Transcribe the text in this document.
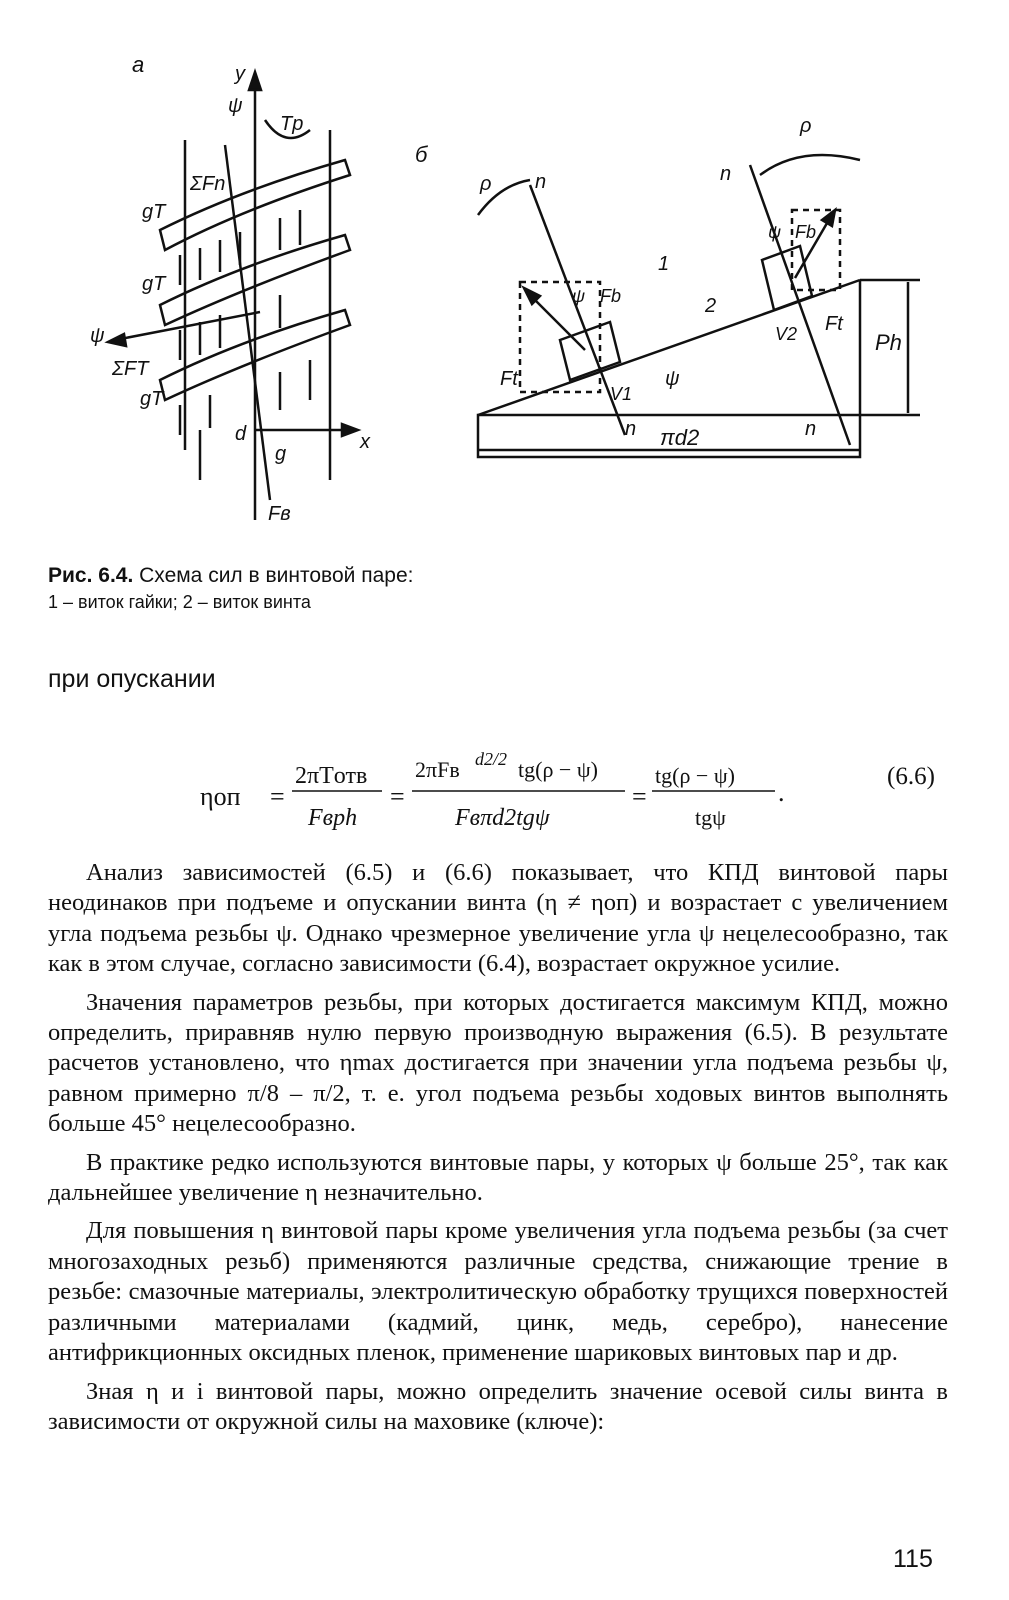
а
б
y
ψ
Tp
ΣFn
gT
gT
ψ
ΣFT
gT
d
g
x
Fв
ρ n
ρ
n
ψ Fb
ψ Fb
1
2
Ft
V1
ψ
n πd2	n
V2 Ft
Ph
Рис. 6.4. Схема сил в винтовой паре:
1 – виток гайки; 2 – виток винта
при опускании
ηоп =
2πTотв
Fвph
=
2πFв d2/2 tg(ρ − ψ)
Fвπd2tgψ
=
tg(ρ − ψ)
tgψ
.
(6.6)

Анализ зависимостей (6.5) и (6.6) показывает, что КПД винтовой пары неодинаков при подъеме и опускании винта (η ≠ ηоп) и возрастает с увеличением угла подъема резьбы ψ. Однако чрезмерное увеличение угла ψ нецелесообразно, так как в этом случае, согласно зависимости (6.4), возрастает окружное усилие.

Значения параметров резьбы, при которых достигается максимум КПД, можно определить, приравняв нулю первую производную выражения (6.5). В результате расчетов установлено, что ηmax достигается при значении угла подъема резьбы ψ, равном примерно π/8 – π/2, т. е. угол подъема резьбы ходовых винтов выполнять больше 45° нецелесообразно.

В практике редко используются винтовые пары, у которых ψ больше 25°, так как дальнейшее увеличение η незначительно.

Для повышения η винтовой пары кроме увеличения угла подъема резьбы (за счет многозаходных резьб) применяются различные средства, снижающие трение в резьбе: смазочные материалы, электролитическую обработку трущихся поверхностей различными материалами (кадмий, цинк, медь, серебро), нанесение антифрикционных оксидных пленок, применение шариковых винтовых пар и др.

Зная η и i винтовой пары, можно определить значение осевой силы винта в зависимости от окружной силы на маховике (ключе):

115
